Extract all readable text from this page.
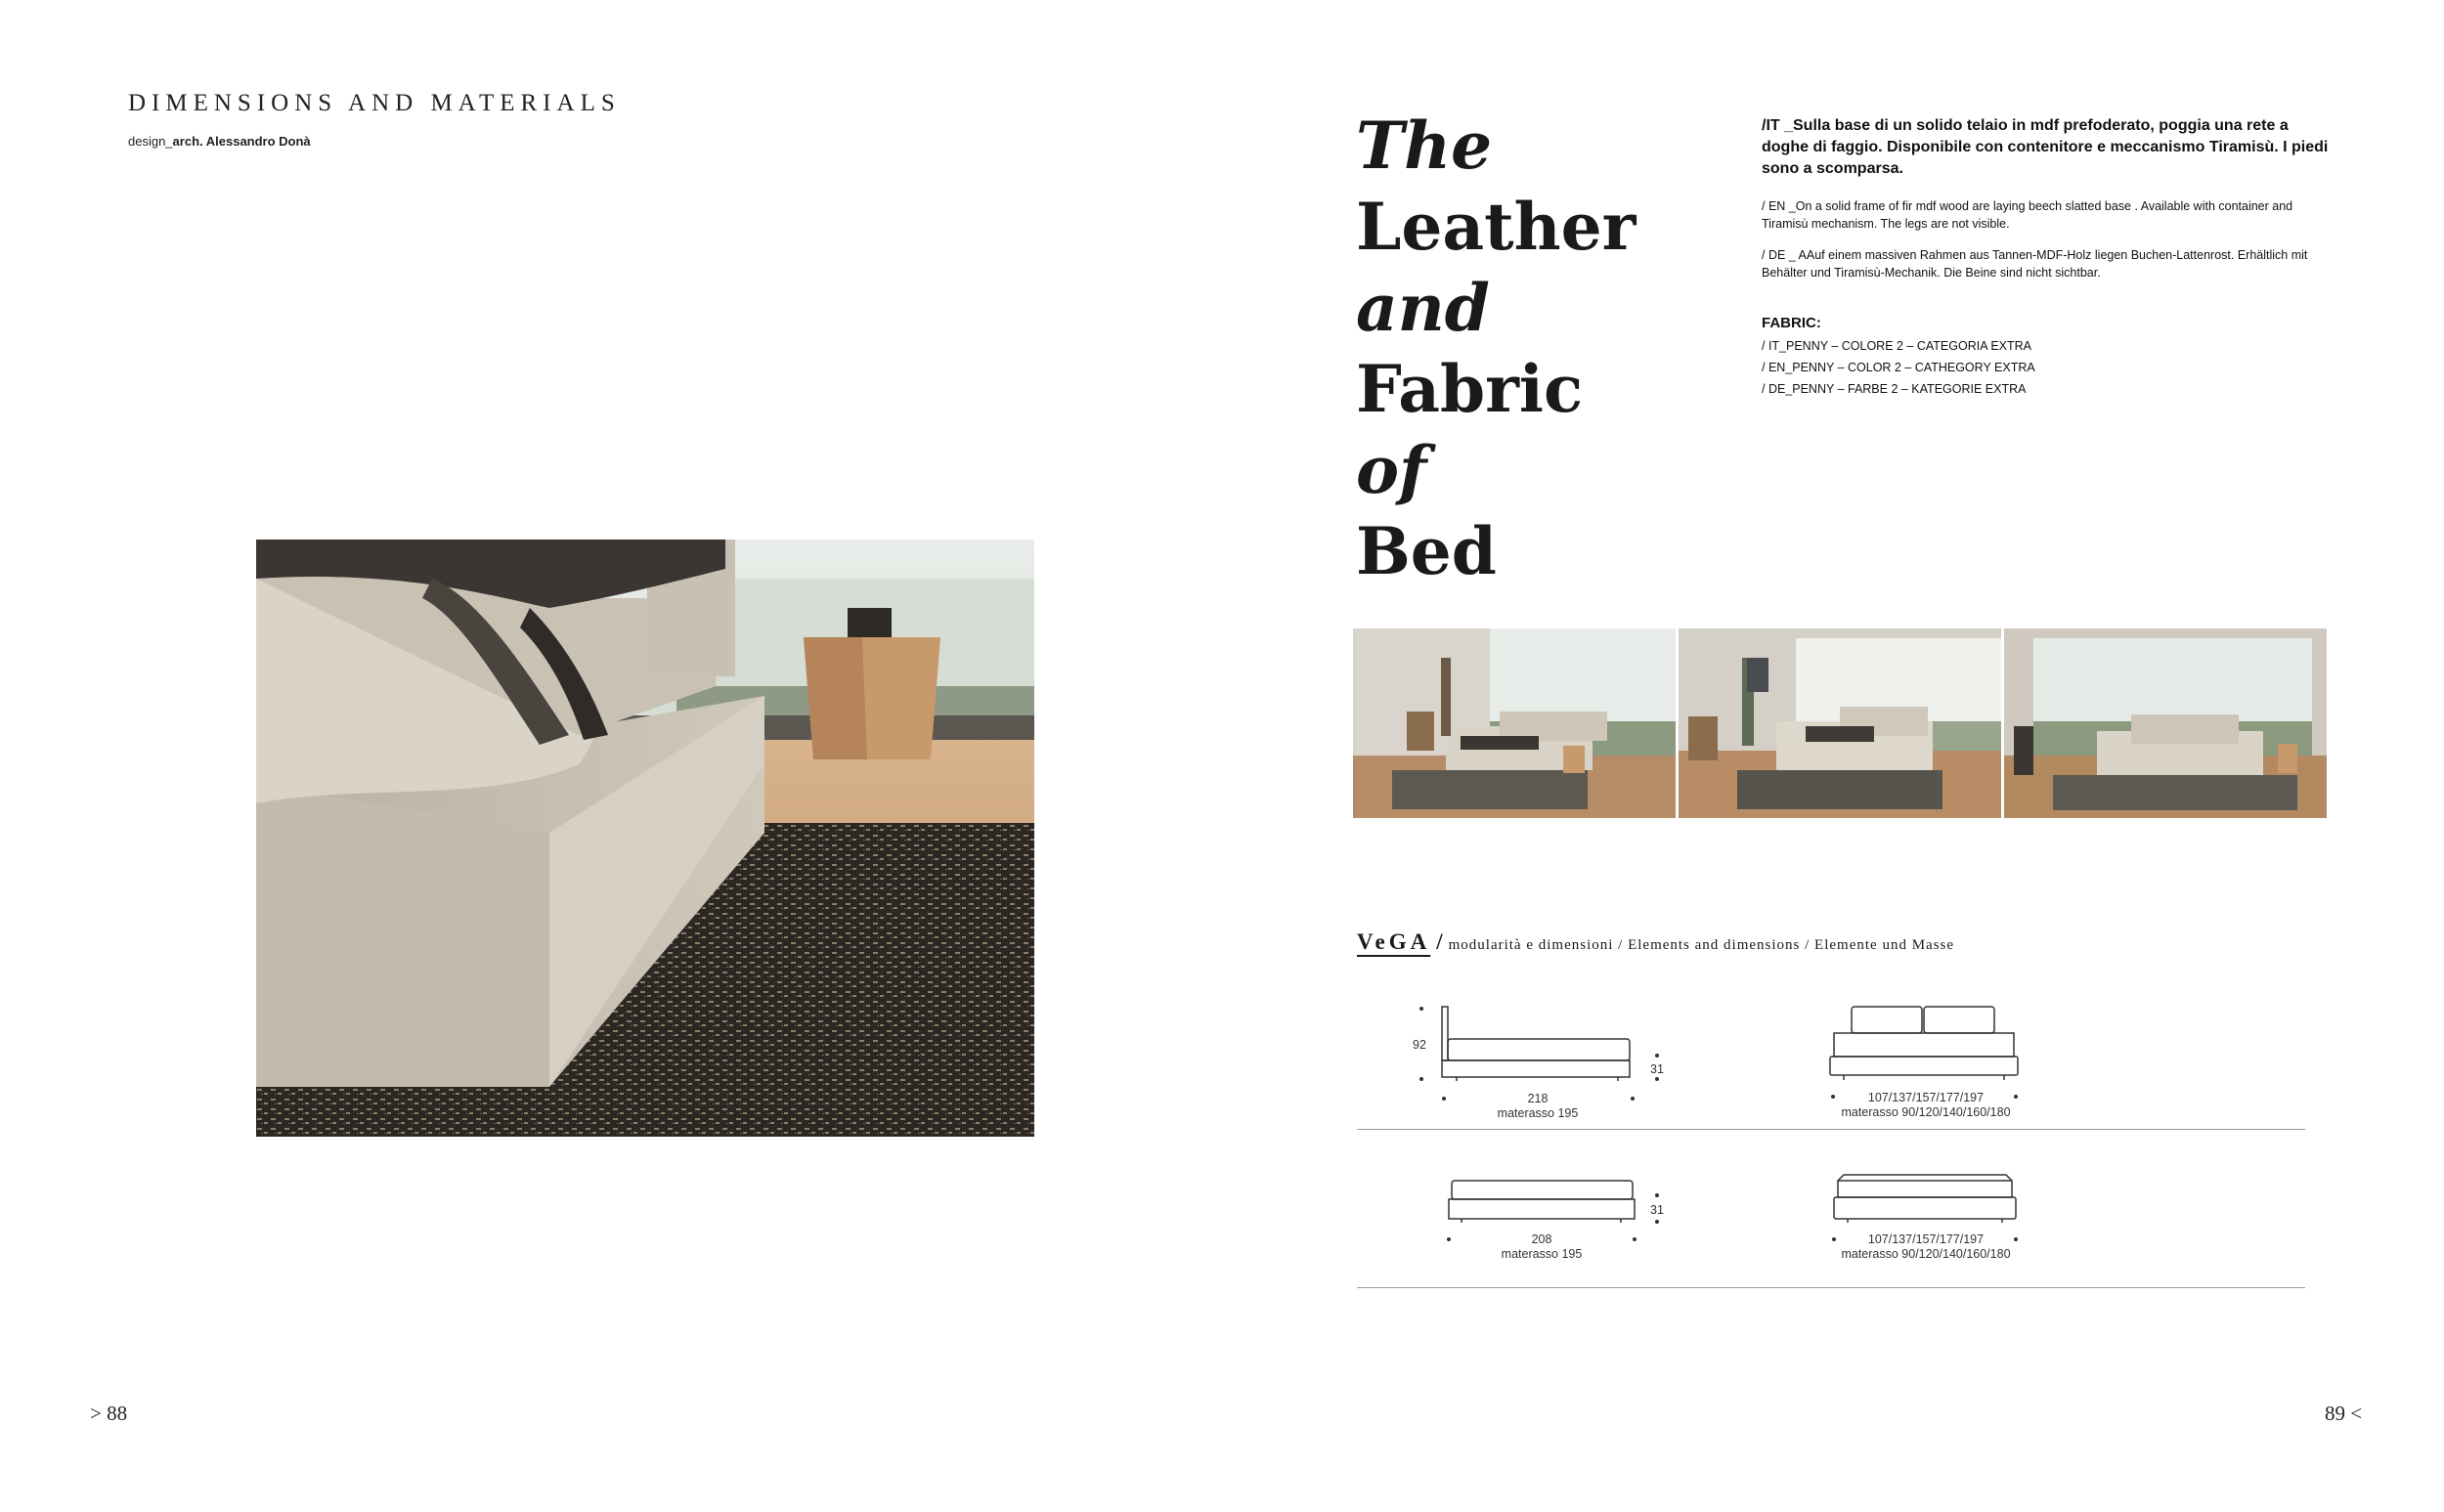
DIMENSIONS AND MATERIALS
design_arch. Alessandro Donà
> 88
The
Leather
and
Fabric
of
Bed

/IT _Sulla base di un solido telaio in mdf prefoderato, poggia una rete a doghe di faggio. Disponibile con contenitore e meccanismo Tiramisù. I piedi sono a scomparsa.

/ EN _On a solid frame of fir mdf wood are laying beech slatted base . Available with container and Tiramisù mechanism. The legs are not visible.

/ DE _ AAuf einem massiven Rahmen aus Tannen-MDF-Holz liegen Buchen-Lattenrost. Erhältlich mit Behälter und Tiramisù-Mechanik. Die Beine sind nicht sichtbar.

FABRIC:
/ IT_PENNY – COLORE 2 – CATEGORIA EXTRA
/ EN_PENNY – COLOR 2 – CATHEGORY EXTRA
/ DE_PENNY – FARBE 2 – KATEGORIE EXTRA
VeGA / modularità e dimensioni / Elements and dimensions / Elemente und Masse
92
31
218
materasso 195
107/137/157/177/197
materasso 90/120/140/160/180
31
208
materasso 195
107/137/157/177/197
materasso 90/120/140/160/180
89 <
